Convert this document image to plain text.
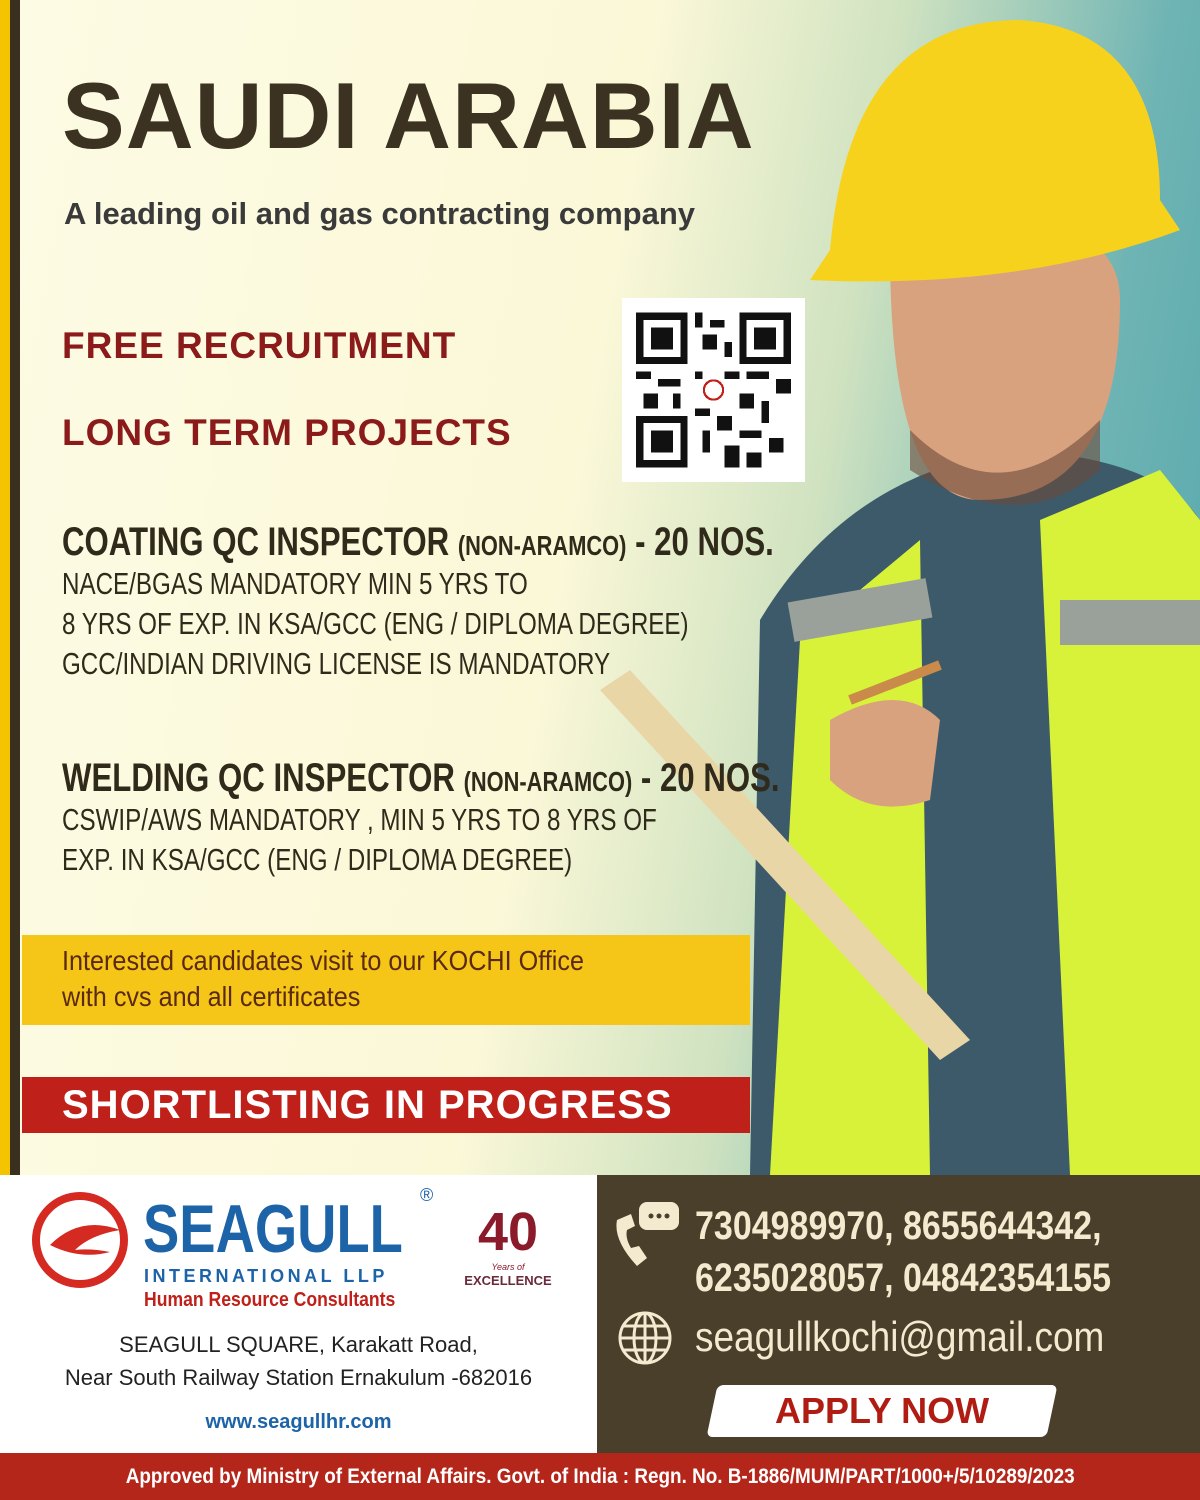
SAUDI ARABIA
A leading oil and gas contracting company
FREE RECRUITMENT
LONG TERM PROJECTS
COATING QC INSPECTOR (NON-ARAMCO) - 20 NOS.
NACE/BGAS MANDATORY MIN 5 YRS TO
8 YRS OF EXP. IN KSA/GCC (ENG / DIPLOMA DEGREE)
GCC/INDIAN DRIVING LICENSE IS MANDATORY
WELDING QC INSPECTOR (NON-ARAMCO) - 20 NOS.
CSWIP/AWS MANDATORY , MIN 5 YRS TO 8 YRS OF
EXP. IN KSA/GCC (ENG / DIPLOMA DEGREE)
Interested candidates visit to our KOCHI Office
with cvs and all certificates
SHORTLISTING IN PROGRESS
SEAGULL ®
INTERNATIONAL LLP
Human Resource Consultants
40
Years of
EXCELLENCE
SEAGULL SQUARE, Karakatt Road,
Near South Railway Station Ernakulum -682016
www.seagullhr.com
7304989970, 8655644342,
6235028057, 04842354155
seagullkochi@gmail.com
APPLY NOW
Approved by Ministry of External Affairs. Govt. of India : Regn. No. B-1886/MUM/PART/1000+/5/10289/2023
